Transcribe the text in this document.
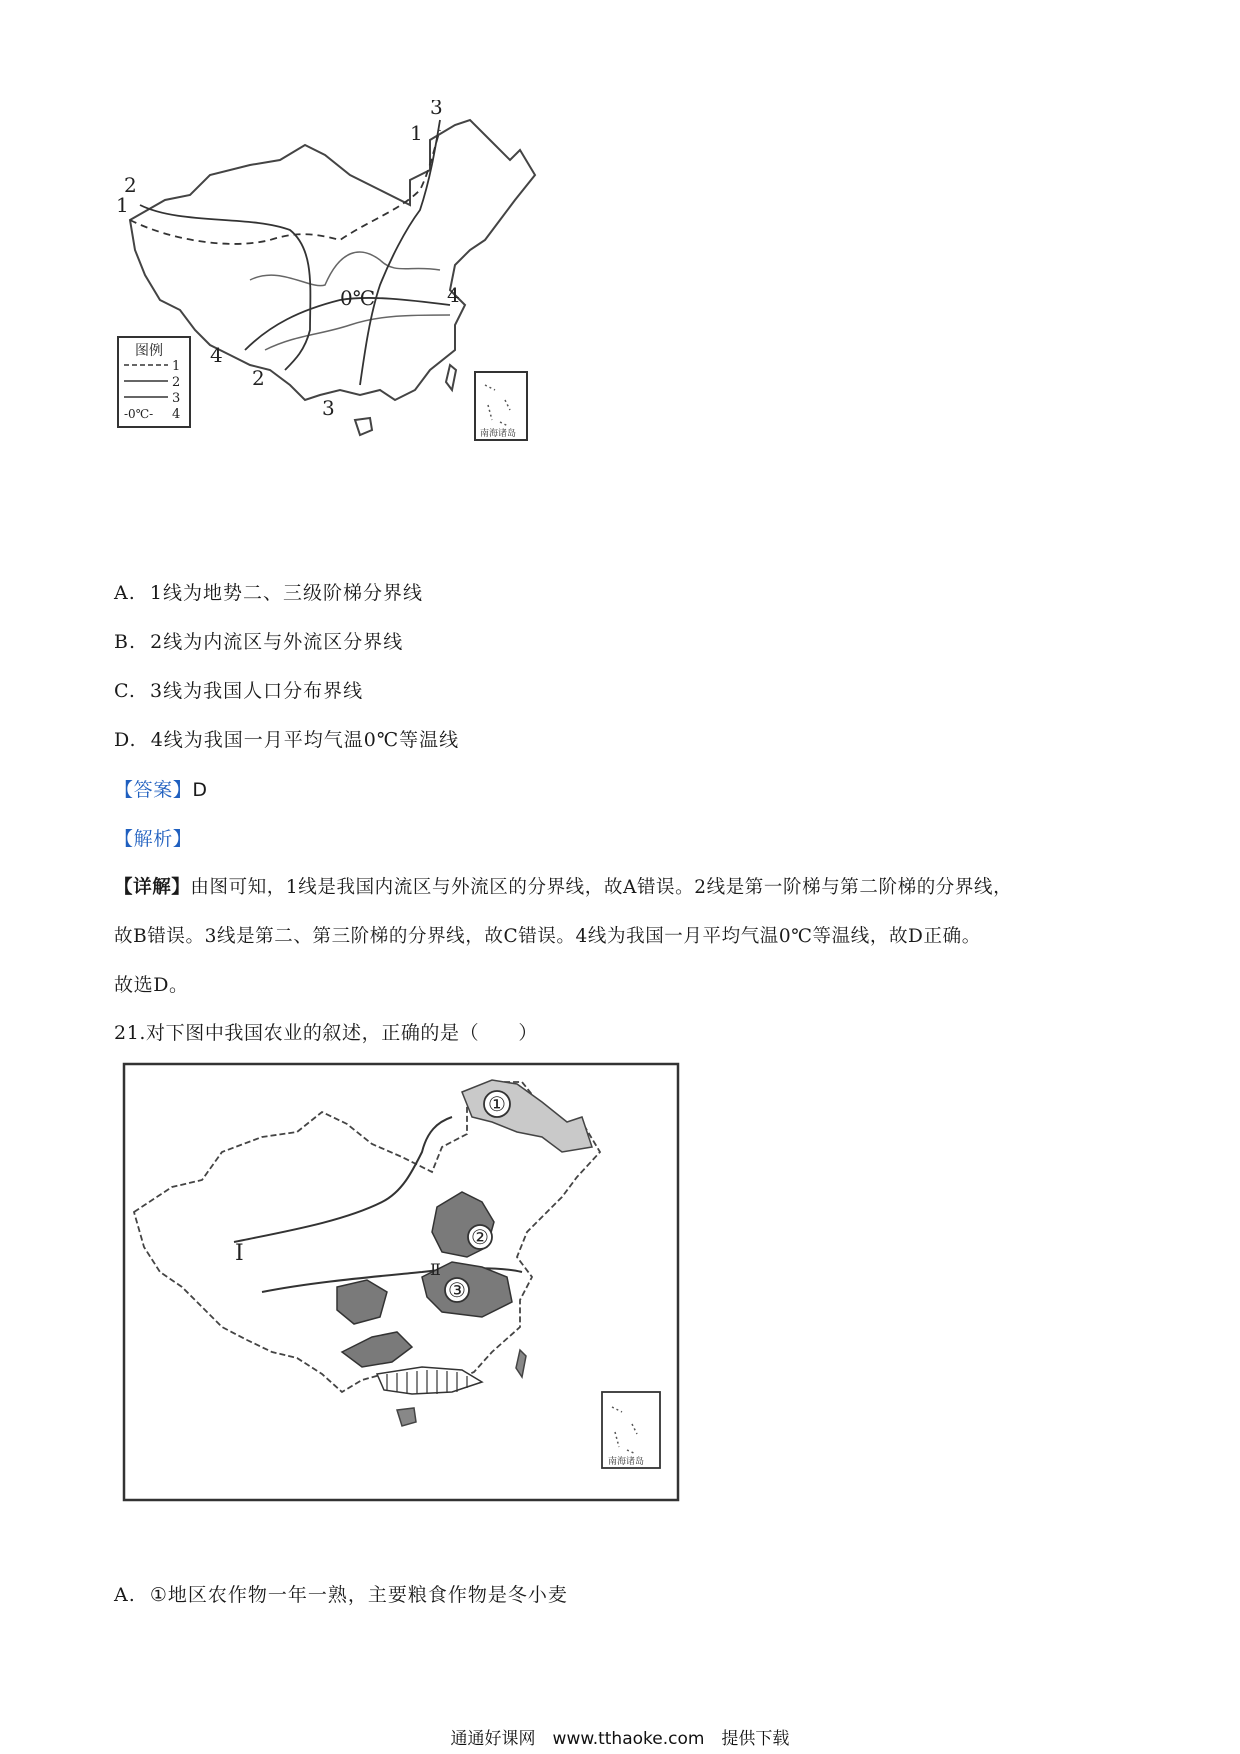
0℃
3
1
2
1
4
4
2
3
图例
1
2
3
-0℃- 4
南海诸岛
A. 1线为地势二、三级阶梯分界线
B. 2线为内流区与外流区分界线
C. 3线为我国人口分布界线
D. 4线为我国一月平均气温0℃等温线
【答案】D
【解析】
【详解】由图可知，1线是我国内流区与外流区的分界线，故A错误。2线是第一阶梯与第二阶梯的分界线，
故B错误。3线是第二、第三阶梯的分界线，故C错误。4线为我国一月平均气温0℃等温线，故D正确。
故选D。
21.对下图中我国农业的叙述，正确的是（　　）
①
②
③
Ⅰ
Ⅱ
南海诸岛
A. ①地区农作物一年一熟，主要粮食作物是冬小麦
通通好课网　www.tthaoke.com　提供下载
